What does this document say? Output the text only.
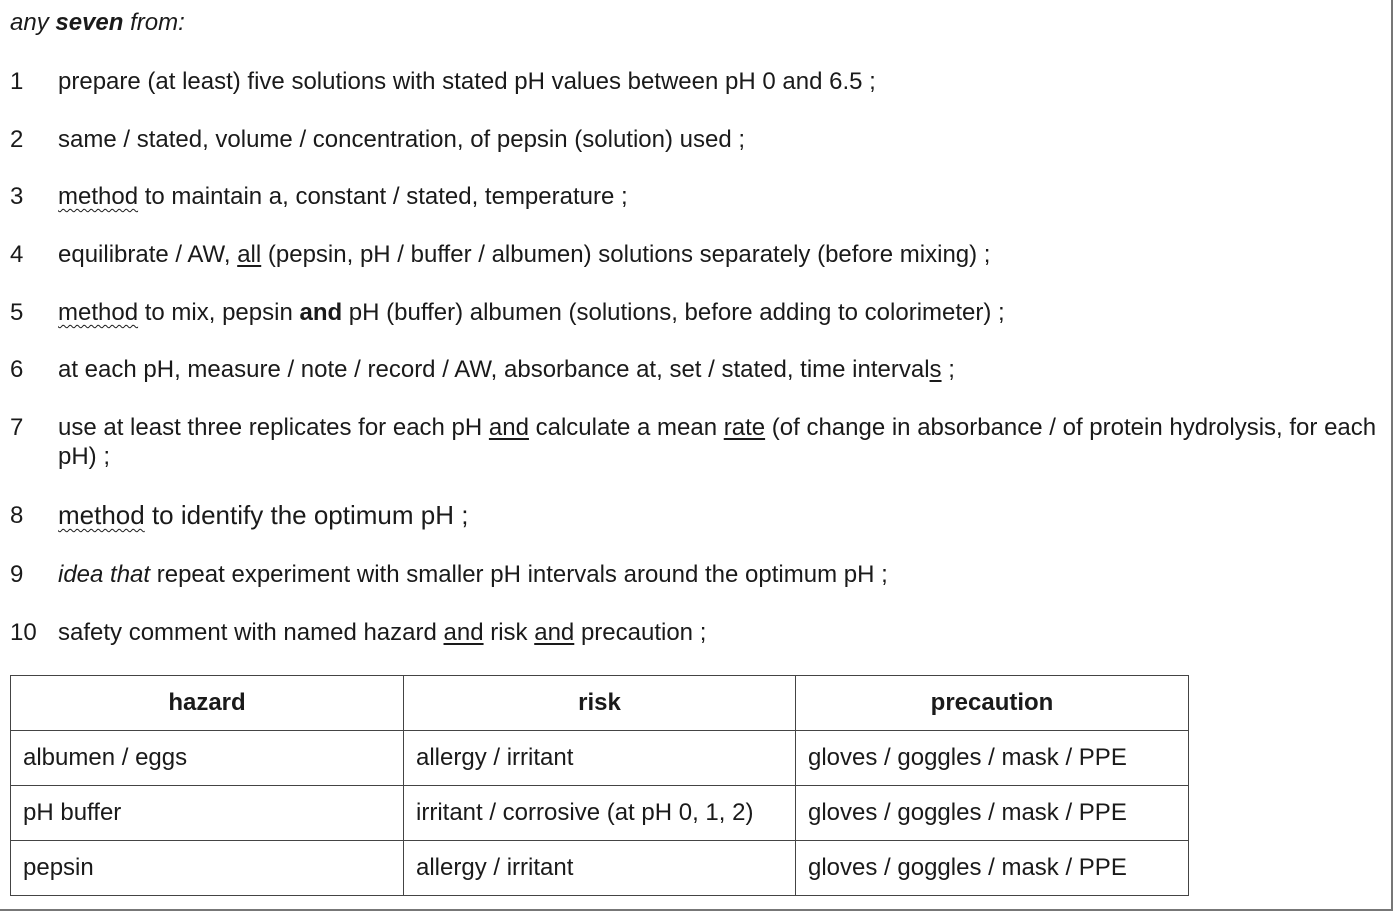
any seven from:
1	prepare (at least) five solutions with stated pH values between pH 0 and 6.5 ;
2	same / stated, volume / concentration, of pepsin (solution) used ;
3	method to maintain a, constant / stated, temperature ;
4	equilibrate / AW, all (pepsin, pH / buffer / albumen) solutions separately (before mixing) ;
5	method to mix, pepsin and pH (buffer) albumen (solutions, before adding to colorimeter) ;
6	at each pH, measure / note / record / AW, absorbance at, set / stated, time intervals ;
7	use at least three replicates for each pH and calculate a mean rate (of change in absorbance / of protein hydrolysis, for each pH) ;
8	method to identify the optimum pH ;
9	idea that repeat experiment with smaller pH intervals around the optimum pH ;
10 safety comment with named hazard and risk and precaution ;
hazard	risk	precaution
albumen / eggs	allergy / irritant	gloves / goggles / mask / PPE
pH buffer	irritant / corrosive (at pH 0, 1, 2)	gloves / goggles / mask / PPE
pepsin	allergy / irritant	gloves / goggles / mask / PPE
